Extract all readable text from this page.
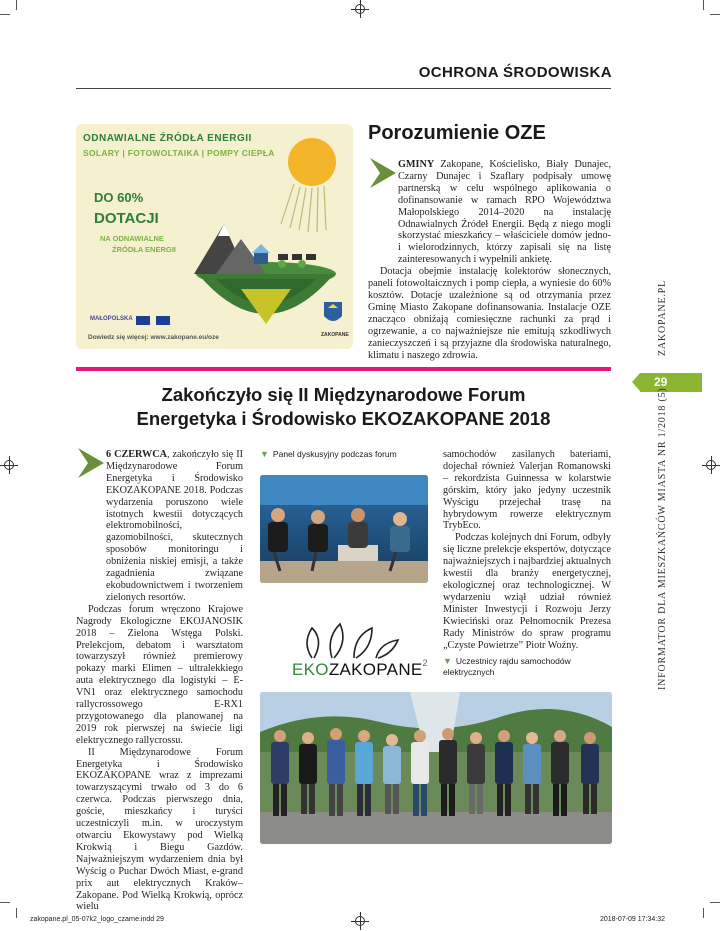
OCHRONA ŚRODOWISKA
ODNAWIALNE ŹRÓDŁA ENERGII
SOLARY | FOTOWOLTAIKA | POMPY CIEPŁA
DO 60%
DOTACJI
NA ODNAWIALNE
ŹRÓDŁA ENERGII
MAŁOPOLSKA
ZAKOPANE
Dowiedz się więcej: www.zakopane.eu/oze
Porozumienie OZE

GMINY Zakopane, Kościelisko, Biały Dunajec, Czarny Dunajec i Szaflary podpisały umowę partnerską w celu wspólnego aplikowania o dofinansowanie w ramach RPO Województwa Małopolskiego 2014–2020 na instalację Odnawialnych Źródeł Energii. Będą z niego mogli skorzystać mieszkańcy – właściciele domów jedno- i wielorodzinnych, którzy zapisali się na listę zainteresowanych i wypełnili ankietę.

Dotacja obejmie instalację kolektorów słonecznych, paneli fotowoltaicznych i pomp ciepła, a wyniesie do 60% kosztów. Dotacje uzależnione są od otrzymania przez Gminę Miasto Zakopane dofinansowania. Instalacje OZE znacząco obniżają comiesięczne rachunki za prąd i ogrzewanie, a co najważniejsze nie emitują szkodliwych zanieczyszczeń i są przyjazne dla środowiska naturalnego, klimatu i naszego zdrowia.

Zakończyło się II Międzynarodowe Forum
Energetyka i Środowisko EKOZAKOPANE 2018

6 CZERWCA, zakończyło się II Międzynarodowe Forum Energetyka i Środowisko EKOZAKOPANE 2018. Podczas wydarzenia poruszono wiele istotnych kwestii dotyczących elektromobilności, gazomobilności, skutecznych sposobów monitoringu i obniżenia niskiej emisji, a także zagadnienia związane ekobudownictwem i tworzeniem zielonych resortów.

Podczas forum wręczono Krajowe Nagrody Ekologiczne EKOJANOSIK 2018 – Zielona Wstęga Polski. Prelekcjom, debatom i warsztatom towarzyszył również premierowy pokazy marki Elimen – ultralekkiego auta elektrycznego dla logistyki – E-VN1 oraz elektrycznego samochodu rallycrossowego E-RX1 przygotowanego dla planowanej na 2019 rok pierwszej na świecie ligi elektrycznego rallycrossu.

II Międzynarodowe Forum Energetyka i Środowisko EKOZAKOPANE wraz z imprezami towarzyszącymi trwało od 3 do 6 czerwca. Podczas pierwszego dnia, goście, mieszkańcy i turyści uczestniczyli m.in. w uroczystym otwarciu Ekowystawy pod Wielką Krokwią i Biegu Gazdów. Najważniejszym wydarzeniem dnia był Wyścig o Puchar Dwóch Miast, e-grand prix aut elektrycznych Kraków–Zakopane. Pod Wielką Krokwią, oprócz wielu

▼ Panel dyskusyjny podczas forum
EKOZAKOPANE$^2$

samochodów zasilanych bateriami, dojechał również Valerjan Romanowski – rekordzista Guinnessa w kolarstwie górskim, który jako jedyny uczestnik Wyścigu przejechał trasę na hybrydowym rowerze elektrycznym TrybEco.

Podczas kolejnych dni Forum, odbyły się liczne prelekcje ekspertów, dotyczące najważniejszych i najbardziej aktualnych kwestii dla branży energetycznej, ekologicznej oraz technologicznej. W wydarzeniu wziął udział również Minister Inwestycji i Rozwoju Jerzy Kwieciński oraz Pełnomocnik Prezesa Rady Ministrów do spraw programu „Czyste Powietrze” Piotr Woźny.

▼ Uczestnicy rajdu samochodów
elektrycznych
ZAKOPANE.PL
29
INFORMATOR DLA MIESZKAŃCÓW MIASTA NR 1/2018 (5)
zakopane.pl_05-07k2_logo_czarne.indd 29	2018-07-09 17:34:32
